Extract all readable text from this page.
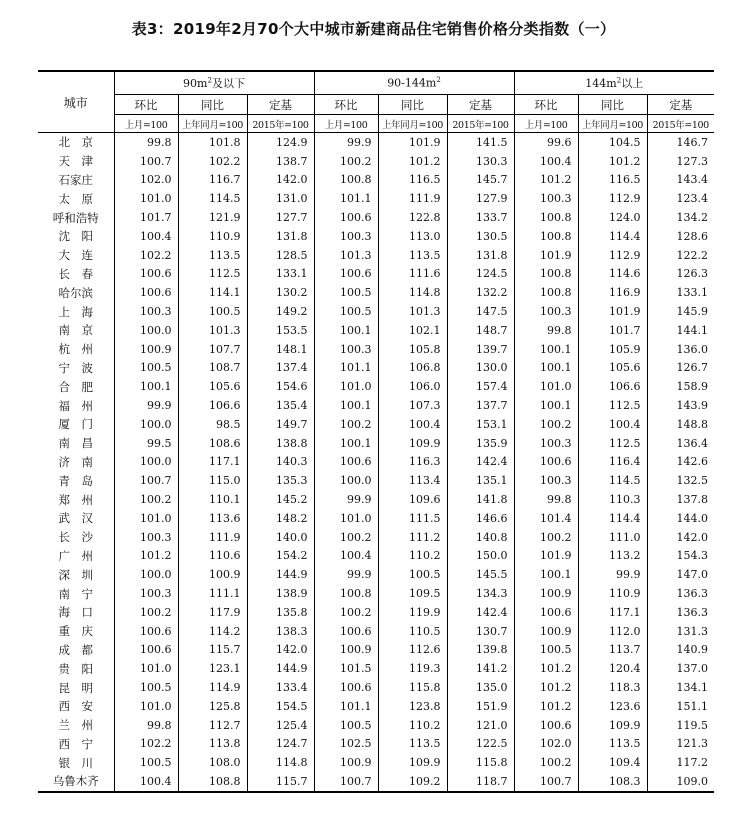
表3：2019年2月70个大中城市新建商品住宅销售价格分类指数（一）
城市	$90m^2$及以下			$90-144m^2$			$144m^2$以上		
	环比	同比	定基	环比	同比	定基	环比	同比	定基
	上月=100	上年同月=100	2015年=100	上月=100	上年同月=100	2015年=100	上月=100	上年同月=100	2015年=100
北　京	99.8	101.8	124.9	99.9	101.9	141.5	99.6	104.5	146.7
天　津	100.7	102.2	138.7	100.2	101.2	130.3	100.4	101.2	127.3
石家庄	102.0	116.7	142.0	100.8	116.5	145.7	101.2	116.5	143.4
太　原	101.0	114.5	131.0	101.1	111.9	127.9	100.3	112.9	123.4
呼和浩特	101.7	121.9	127.7	100.6	122.8	133.7	100.8	124.0	134.2
沈　阳	100.4	110.9	131.8	100.3	113.0	130.5	100.8	114.4	128.6
大　连	102.2	113.5	128.5	101.3	113.5	131.8	101.9	112.9	122.2
长　春	100.6	112.5	133.1	100.6	111.6	124.5	100.8	114.6	126.3
哈尔滨	100.6	114.1	130.2	100.5	114.8	132.2	100.8	116.9	133.1
上　海	100.3	100.5	149.2	100.5	101.3	147.5	100.3	101.9	145.9
南　京	100.0	101.3	153.5	100.1	102.1	148.7	99.8	101.7	144.1
杭　州	100.9	107.7	148.1	100.3	105.8	139.7	100.1	105.9	136.0
宁　波	100.5	108.7	137.4	101.1	106.8	130.0	100.1	105.6	126.7
合　肥	100.1	105.6	154.6	101.0	106.0	157.4	101.0	106.6	158.9
福　州	99.9	106.6	135.4	100.1	107.3	137.7	100.1	112.5	143.9
厦　门	100.0	98.5	149.7	100.2	100.4	153.1	100.2	100.4	148.8
南　昌	99.5	108.6	138.8	100.1	109.9	135.9	100.3	112.5	136.4
济　南	100.0	117.1	140.3	100.6	116.3	142.4	100.6	116.4	142.6
青　岛	100.7	115.0	135.3	100.0	113.4	135.1	100.3	114.5	132.5
郑　州	100.2	110.1	145.2	99.9	109.6	141.8	99.8	110.3	137.8
武　汉	101.0	113.6	148.2	101.0	111.5	146.6	101.4	114.4	144.0
长　沙	100.3	111.9	140.0	100.2	111.2	140.8	100.2	111.0	142.0
广　州	101.2	110.6	154.2	100.4	110.2	150.0	101.9	113.2	154.3
深　圳	100.0	100.9	144.9	99.9	100.5	145.5	100.1	99.9	147.0
南　宁	100.3	111.1	138.9	100.8	109.5	134.3	100.9	110.9	136.3
海　口	100.2	117.9	135.8	100.2	119.9	142.4	100.6	117.1	136.3
重　庆	100.6	114.2	138.3	100.6	110.5	130.7	100.9	112.0	131.3
成　都	100.6	115.7	142.0	100.9	112.6	139.8	100.5	113.7	140.9
贵　阳	101.0	123.1	144.9	101.5	119.3	141.2	101.2	120.4	137.0
昆　明	100.5	114.9	133.4	100.6	115.8	135.0	101.2	118.3	134.1
西　安	101.0	125.8	154.5	101.1	123.8	151.9	101.2	123.6	151.1
兰　州	99.8	112.7	125.4	100.5	110.2	121.0	100.6	109.9	119.5
西　宁	102.2	113.8	124.7	102.5	113.5	122.5	102.0	113.5	121.3
银　川	100.5	108.0	114.8	100.9	109.9	115.8	100.2	109.4	117.2
乌鲁木齐	100.4	108.8	115.7	100.7	109.2	118.7	100.7	108.3	109.0
